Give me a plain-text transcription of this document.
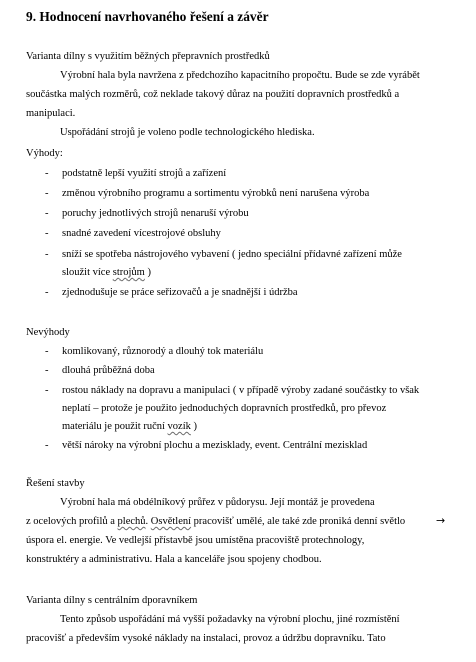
9. Hodnocení navrhovaného řešení a závěr
Varianta dílny s využitím běžných přepravních prostředků
Výrobní hala byla navržena z předchozího kapacitního propočtu. Bude se zde vyrábět
součástka malých rozměrů, což neklade takový důraz na použití dopravních prostředků a
manipulaci.
Uspořádání strojů je voleno podle technologického hlediska.
Výhody:
- podstatně lepší využití strojů a zařízení
- změnou výrobního programu a sortimentu výrobků není narušena výroba
- poruchy jednotlivých strojů nenaruší výrobu
- snadné zavedení vícestrojové obsluhy
- sníží se spotřeba nástrojového vybavení ( jedno speciální přídavné zařízení může
sloužit více strojům )
- zjednodušuje se práce seřizovačů a je snadnější i údržba
Nevýhody
- komlikovaný, různorodý a dlouhý tok materiálu
- dlouhá průběžná doba
- rostou náklady na dopravu a manipulaci ( v případě výroby zadané součástky to však
neplatí – protože je použito jednoduchých dopravních prostředků, pro převoz
materiálu je použit ruční vozík )
- větší nároky na výrobní plochu a mezisklady, event. Centrální mezisklad
Řešení stavby
Výrobní hala má obdélníkový průřez v půdorysu. Její montáž je provedena
z ocelových profilů a plechů. Osvětlení pracovišť umělé, ale také zde proniká denní světlo	→
úspora el. energie. Ve vedlejší přístavbě jsou umístěna pracoviště protechnology,
konstruktéry a administrativu. Hala a kanceláře jsou spojeny chodbou.
Varianta dílny s centrálním dporavníkem
Tento způsob uspořádání má vyšší požadavky na výrobní plochu, jiné rozmístění
pracovišť a především vysoké náklady na instalaci, provoz a údržbu dopravníku. Tato
